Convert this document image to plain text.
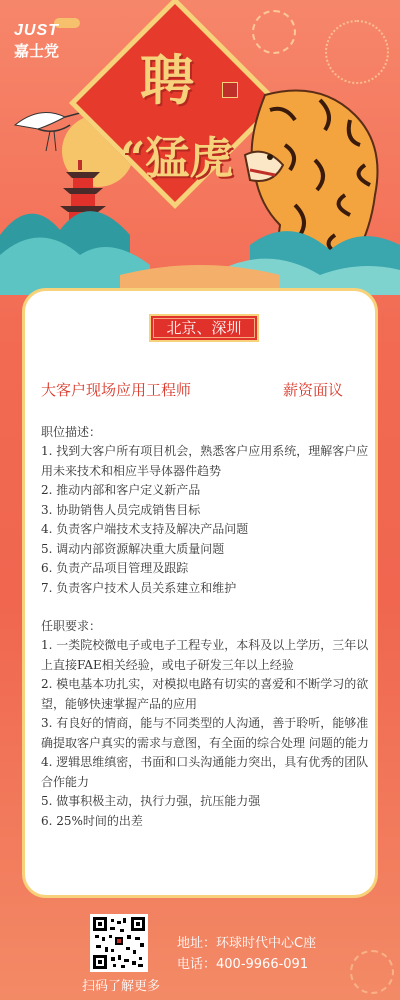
JUST
嘉士党 聘
“猛虎
北京、深圳
大客户现场应用工程师	薪资面议
职位描述：
1. 找到大客户所有项目机会，熟悉客户应用系统，理解客户应用未来技术和相应半导体器件趋势
2. 推动内部和客户定义新产品
3. 协助销售人员完成销售目标
4. 负责客户端技术支持及解决产品问题
5. 调动内部资源解决重大质量问题
6. 负责产品项目管理及跟踪
7. 负责客户技术人员关系建立和维护
任职要求：
1. 一类院校微电子或电子工程专业，本科及以上学历，三年以上直接FAE相关经验，或电子研发三年以上经验
2. 模电基本功扎实，对模拟电路有切实的喜爱和不断学习的欲望，能够快速掌握产品的应用
3. 有良好的情商，能与不同类型的人沟通，善于聆听，能够准确提取客户真实的需求与意图，有全面的综合处理 问题的能力
4. 逻辑思维缜密，书面和口头沟通能力突出，具有优秀的团队合作能力
5. 做事积极主动，执行力强，抗压能力强
6. 25%时间的出差
扫码了解更多
地址：环球时代中心C座
电话：400-9966-091
